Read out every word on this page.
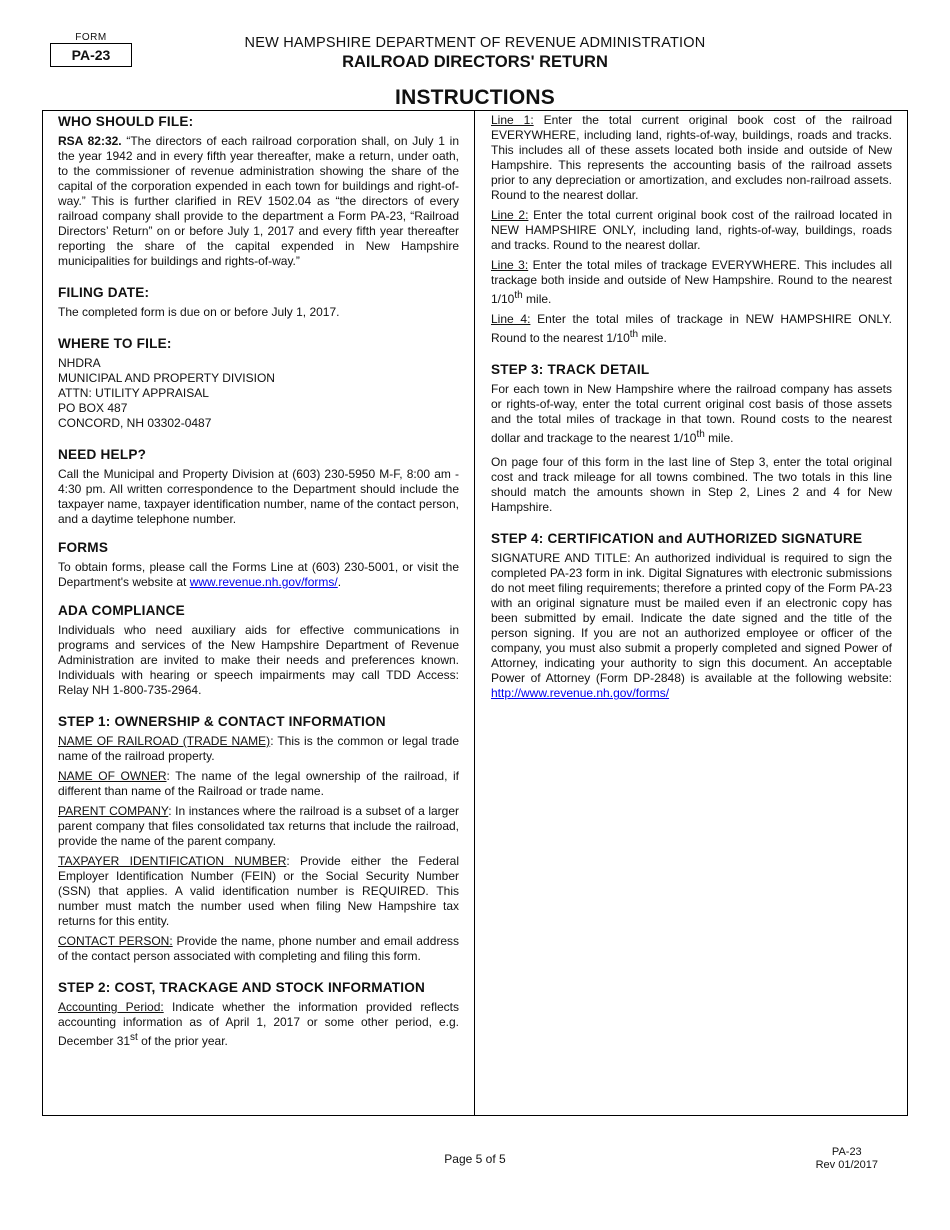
FORM
PA-23
NEW HAMPSHIRE DEPARTMENT OF REVENUE ADMINISTRATION
RAILROAD DIRECTORS' RETURN
INSTRUCTIONS
WHO SHOULD FILE:

RSA 82:32. “The directors of each railroad corporation shall, on July 1 in the year 1942 and in every fifth year thereafter, make a return, under oath, to the commissioner of revenue administration showing the share of the capital of the corporation expended in each town for buildings and right-of-way.” This is further clarified in REV 1502.04 as “the directors of every railroad company shall provide to the department a Form PA-23, “Railroad Directors’ Return” on or before July 1, 2017 and every fifth year thereafter reporting the share of the capital expended in New Hampshire municipalities for buildings and rights-of-way.”

FILING DATE:

The completed form is due on or before July 1, 2017.

WHERE TO FILE:

NHDRA

MUNICIPAL AND PROPERTY DIVISION

ATTN: UTILITY APPRAISAL

PO BOX 487

CONCORD, NH 03302-0487

NEED HELP?

Call the Municipal and Property Division at (603) 230-5950 M-F, 8:00 am - 4:30 pm. All written correspondence to the Department should include the taxpayer name, taxpayer identification number, name of the contact person, and a daytime telephone number.

FORMS

To obtain forms, please call the Forms Line at (603) 230-5001, or visit the Department's website at www.revenue.nh.gov/forms/.

ADA COMPLIANCE

Individuals who need auxiliary aids for effective communications in programs and services of the New Hampshire Department of Revenue Administration are invited to make their needs and preferences known. Individuals with hearing or speech impairments may call TDD Access: Relay NH 1-800-735-2964.

STEP 1: OWNERSHIP & CONTACT INFORMATION

NAME OF RAILROAD (TRADE NAME): This is the common or legal trade name of the railroad property.

NAME OF OWNER: The name of the legal ownership of the railroad, if different than name of the Railroad or trade name.

PARENT COMPANY: In instances where the railroad is a subset of a larger parent company that files consolidated tax returns that include the railroad, provide the name of the parent company.

TAXPAYER IDENTIFICATION NUMBER: Provide either the Federal Employer Identification Number (FEIN) or the Social Security Number (SSN) that applies. A valid identification number is REQUIRED. This number must match the number used when filing New Hampshire tax returns for this entity.

CONTACT PERSON: Provide the name, phone number and email address of the contact person associated with completing and filing this form.

STEP 2: COST, TRACKAGE AND STOCK INFORMATION

Accounting Period: Indicate whether the information provided reflects accounting information as of April 1, 2017 or some other period, e.g. December 31st of the prior year.

Line 1: Enter the total current original book cost of the railroad EVERYWHERE, including land, rights-of-way, buildings, roads and tracks. This includes all of these assets located both inside and outside of New Hampshire. This represents the accounting basis of the railroad assets prior to any depreciation or amortization, and excludes non-railroad assets. Round to the nearest dollar.

Line 2: Enter the total current original book cost of the railroad located in NEW HAMPSHIRE ONLY, including land, rights-of-way, buildings, roads and tracks. Round to the nearest dollar.

Line 3: Enter the total miles of trackage EVERYWHERE. This includes all trackage both inside and outside of New Hampshire. Round to the nearest 1/10th mile.

Line 4: Enter the total miles of trackage in NEW HAMPSHIRE ONLY. Round to the nearest 1/10th mile.

STEP 3: TRACK DETAIL

For each town in New Hampshire where the railroad company has assets or rights-of-way, enter the total current original cost basis of those assets and the total miles of trackage in that town. Round costs to the nearest dollar and trackage to the nearest 1/10th mile.

On page four of this form in the last line of Step 3, enter the total original cost and track mileage for all towns combined. The two totals in this line should match the amounts shown in Step 2, Lines 2 and 4 for New Hampshire.

STEP 4: CERTIFICATION and AUTHORIZED SIGNATURE

SIGNATURE AND TITLE: An authorized individual is required to sign the completed PA-23 form in ink. Digital Signatures with electronic submissions do not meet filing requirements; therefore a printed copy of the Form PA-23 with an original signature must be mailed even if an electronic copy has been submitted by email. Indicate the date signed and the title of the person signing. If you are not an authorized employee or officer of the company, you must also submit a properly completed and signed Power of Attorney, indicating your authority to sign this document. An acceptable Power of Attorney (Form DP-2848) is available at the following website: http://www.revenue.nh.gov/forms/

Page 5 of 5	PA-23
Rev 01/2017
